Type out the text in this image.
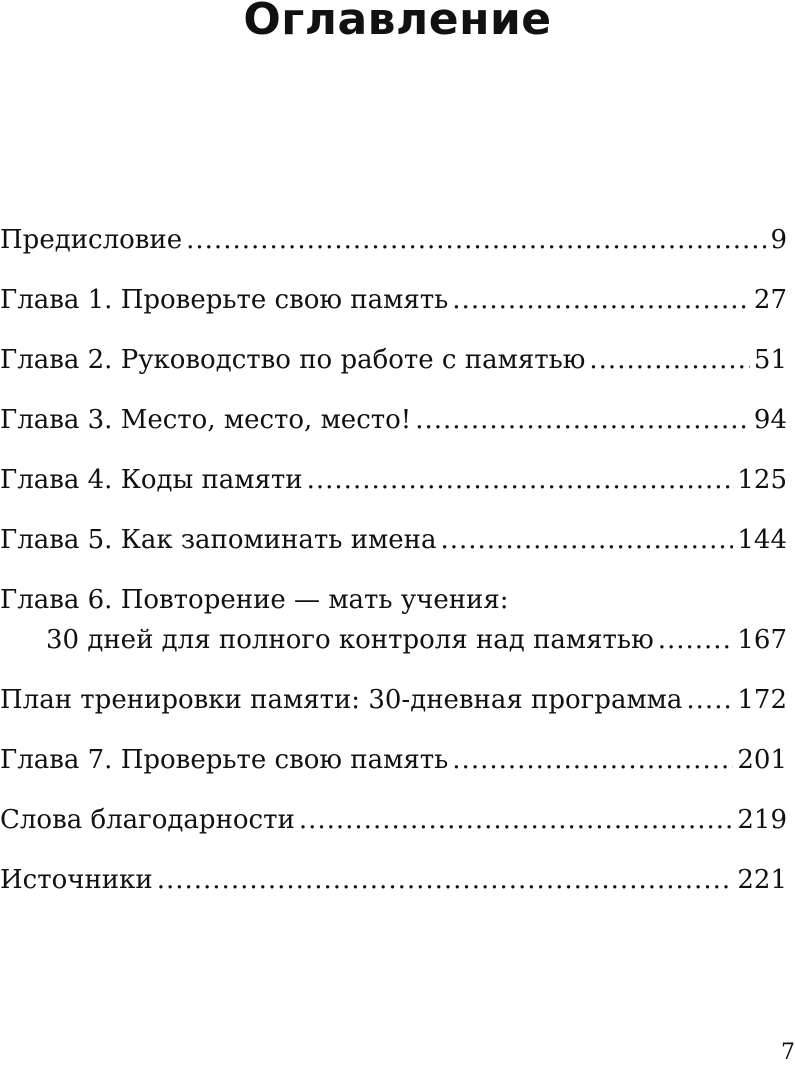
Оглавление
Предисловие .....	9
Глава 1. Проверьте свою память .....	27
Глава 2. Руководство по работе с памятью .....	51
Глава 3. Место, место, место! .....	94
Глава 4. Коды памяти .....	125
Глава 5. Как запоминать имена .....	144
Глава 6. Повторение — мать учения:
30 дней для полного контроля над памятью .....	167
План тренировки памяти: 30-дневная программа ..... 172
Глава 7. Проверьте свою память .....	201
Слова благодарности .....	219
Источники .....	221
7
